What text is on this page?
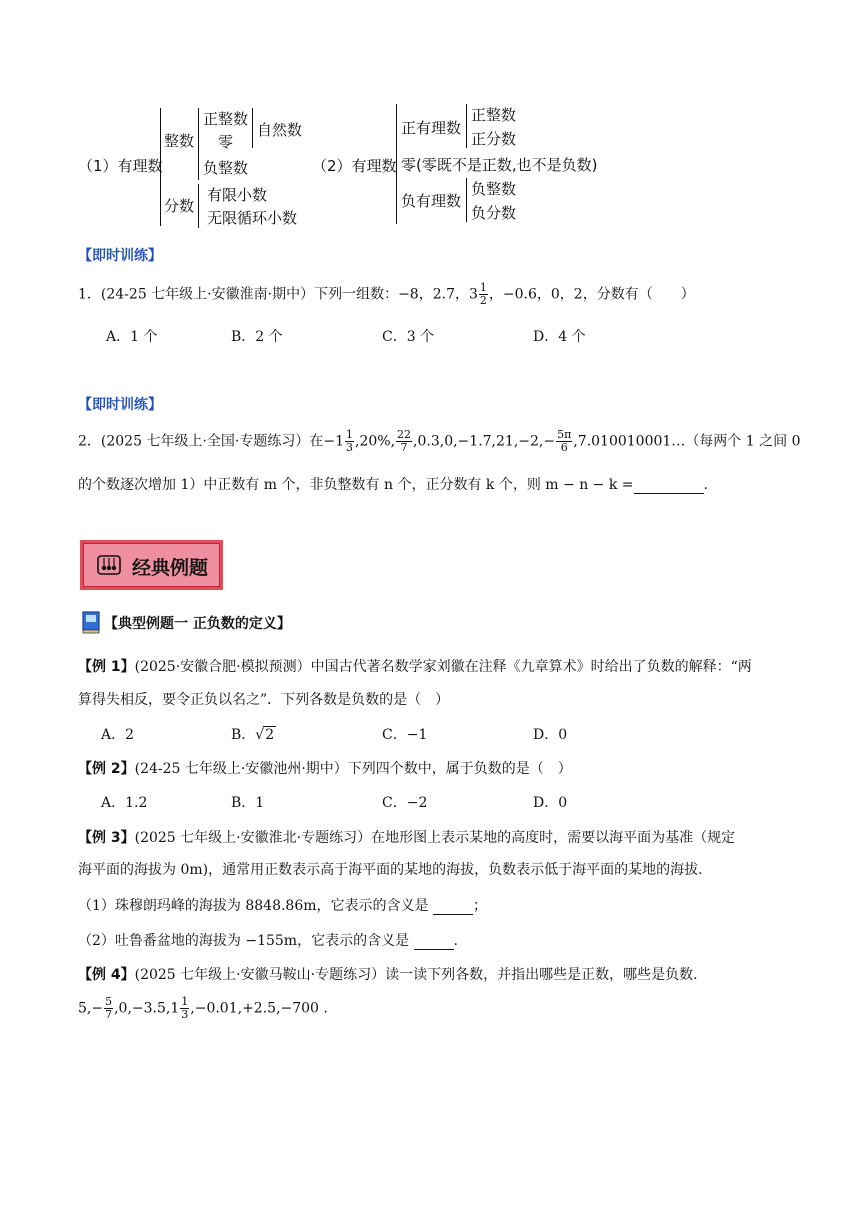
（1）有理数
整数
正整数
零
自然数
负整数
分数
有限小数
无限循环小数
（2）有理数
正有理数
正整数
正分数
零(零既不是正数,也不是负数)
负有理数
负整数
负分数
【即时训练】
1．(24-25 七年级上·安徽淮南·期中）下列一组数：−8，2.7，$3 \frac{1}{2}$ ，−0.6，0，2，分数有（　　）
A．1 个	B．2 个	C．3 个	D．4 个
【即时训练】
2．(2025 七年级上·全国·专题练习）在$-1 \frac{1}{3} ,20\%$, $\frac{22}{7} ,0.3,0,-1.7,21,-2,- \frac{5\pi}{6}$ ,7.010010001…（每两个 1 之间 0
的个数逐次增加 1）中正数有 m 个，非负整数有 n 个，正分数有 k 个，则 m − n − k =	.
经典例题
【典型例题一 正负数的定义】
【例 1】(2025·安徽合肥·模拟预测）中国古代著名数学家刘徽在注释《九章算术》时给出了负数的解释：“两
算得失相反，要令正负以名之”．下列各数是负数的是（　）
A．2	B．√2	C．−1	D．0
【例 2】(24-25 七年级上·安徽池州·期中）下列四个数中，属于负数的是（　）
A．1.2	B．1	C．−2	D．0
【例 3】(2025 七年级上·安徽淮北·专题练习）在地形图上表示某地的高度时，需要以海平面为基准（规定
海平面的海拔为 0m)，通常用正数表示高于海平面的某地的海拔，负数表示低于海平面的某地的海拔.
（1）珠穆朗玛峰的海拔为 8848.86m，它表示的含义是	；
（2）吐鲁番盆地的海拔为 −155m，它表示的含义是	.
【例 4】(2025 七年级上·安徽马鞍山·专题练习）读一读下列各数，并指出哪些是正数，哪些是负数.
$5,- \frac{5}{7} ,0,-3.5,1 \frac{1}{3} ,-0.01,+2.5,-700$ .
